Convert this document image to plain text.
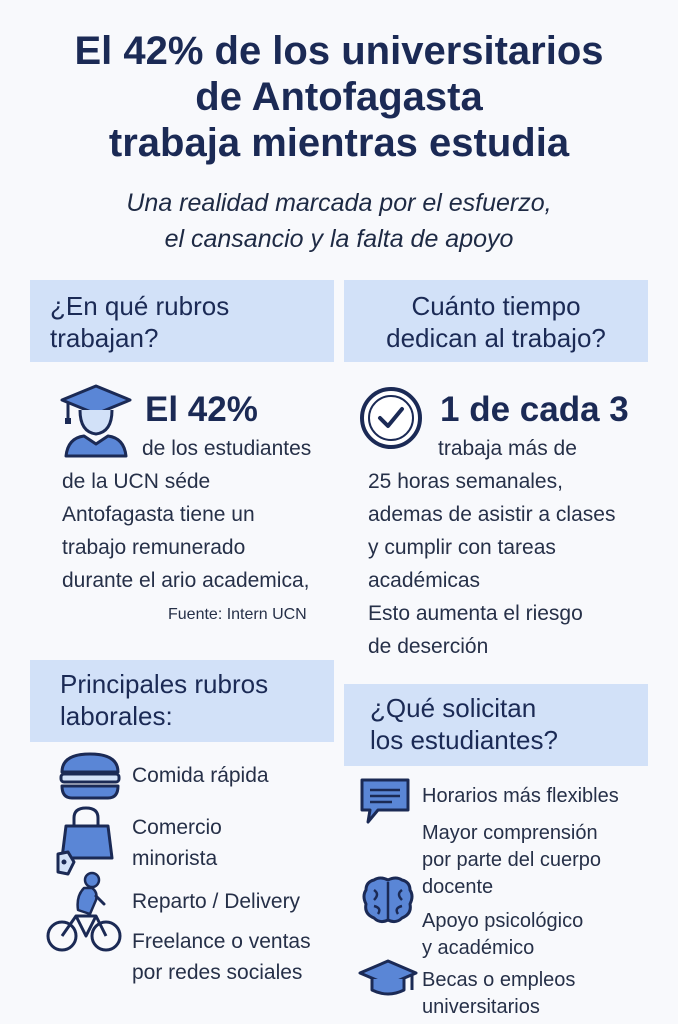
El 42% de los universitarios
de Antofagasta
trabaja mientras estudia
Una realidad marcada por el esfuerzo,
el cansancio y la falta de apoyo
¿En qué rubros
trabajan?
Cuánto tiempo
dedican al trabajo?
El 42%
de los estudiantes
de la UCN séde
Antofagasta tiene un
trabajo remunerado
durante el ario academica,
Fuente: Intern UCN
1 de cada 3
trabaja más de
25 horas semanales,
ademas de asistir a clases
y cumplir con tareas
académicas
Esto aumenta el riesgo
de deserción
Principales rubros
laborales:
Comida rápida
Comercio
minorista
Reparto / Delivery
Freelance o ventas
por redes sociales
¿Qué solicitan
los estudiantes?
Horarios más flexibles
Mayor comprensión
por parte del cuerpo
docente
Apoyo psicológico
y académico
Becas o empleos
universitarios
